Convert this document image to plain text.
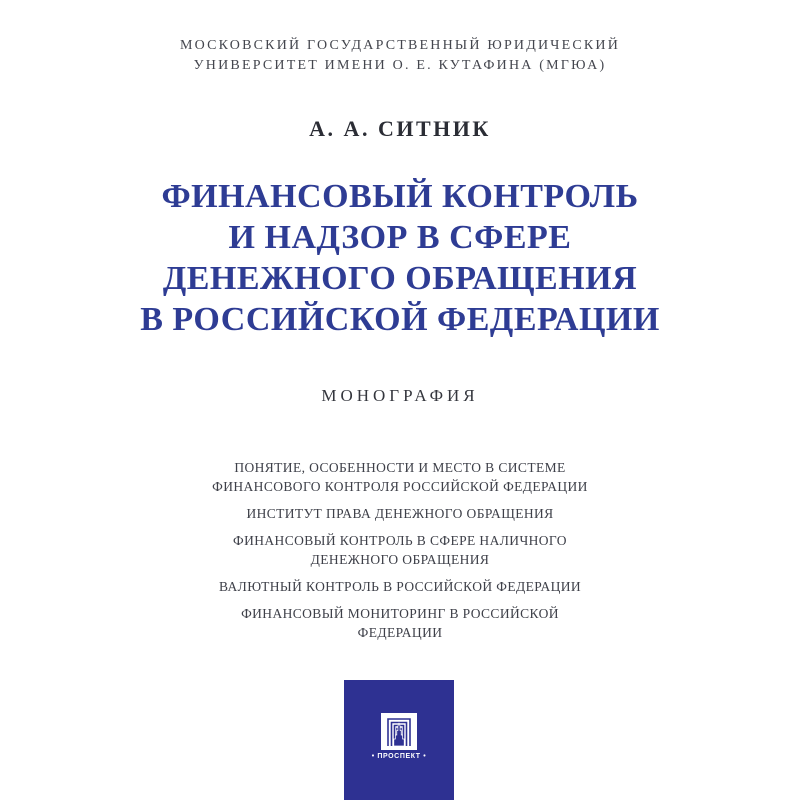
МОСКОВСКИЙ ГОСУДАРСТВЕННЫЙ ЮРИДИЧЕСКИЙ
УНИВЕРСИТЕТ ИМЕНИ О. Е. КУТАФИНА (МГЮА)
А. А. СИТНИК
ФИНАНСОВЫЙ КОНТРОЛЬ
И НАДЗОР В СФЕРЕ
ДЕНЕЖНОГО ОБРАЩЕНИЯ
В РОССИЙСКОЙ ФЕДЕРАЦИИ
МОНОГРАФИЯ
ПОНЯТИЕ, ОСОБЕННОСТИ И МЕСТО В СИСТЕМЕ
ФИНАНСОВОГО КОНТРОЛЯ РОССИЙСКОЙ ФЕДЕРАЦИИ
ИНСТИТУТ ПРАВА ДЕНЕЖНОГО ОБРАЩЕНИЯ
ФИНАНСОВЫЙ КОНТРОЛЬ В СФЕРЕ НАЛИЧНОГО
ДЕНЕЖНОГО ОБРАЩЕНИЯ
ВАЛЮТНЫЙ КОНТРОЛЬ В РОССИЙСКОЙ ФЕДЕРАЦИИ
ФИНАНСОВЫЙ МОНИТОРИНГ В РОССИЙСКОЙ
ФЕДЕРАЦИИ
• ПРОСПЕКТ •
